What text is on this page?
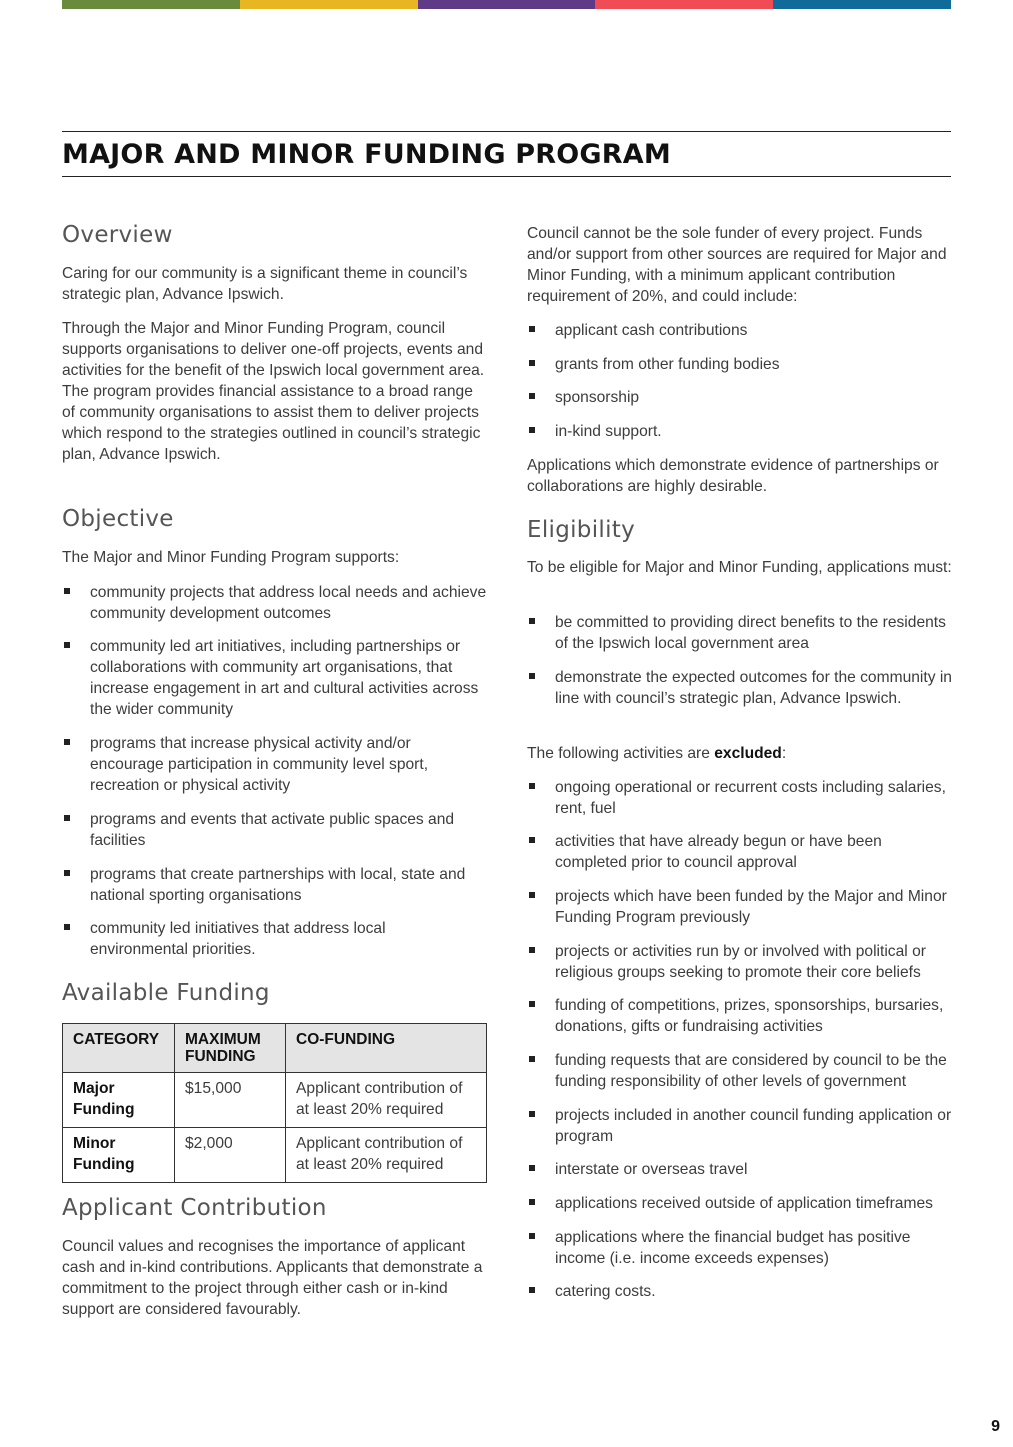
MAJOR AND MINOR FUNDING PROGRAM
Overview

Caring for our community is a significant theme in council’s strategic plan, Advance Ipswich.

Through the Major and Minor Funding Program, council supports organisations to deliver one-off projects, events and activities for the benefit of the Ipswich local government area. The program provides financial assistance to a broad range of community organisations to assist them to deliver projects which respond to the strategies outlined in council’s strategic plan, Advance Ipswich.

Objective

The Major and Minor Funding Program supports:

community projects that address local needs and achieve community development outcomes
community led art initiatives, including partnerships or collaborations with community art organisations, that increase engagement in art and cultural activities across the wider community
programs that increase physical activity and/or encourage participation in community level sport, recreation or physical activity
programs and events that activate public spaces and facilities
programs that create partnerships with local, state and national sporting organisations
community led initiatives that address local environmental priorities.
Available Funding
CATEGORY	MAXIMUM FUNDING	CO-FUNDING
Major Funding	$15,000	Applicant contribution of at least 20% required
Minor Funding	$2,000	Applicant contribution of at least 20% required
Applicant Contribution

Council values and recognises the importance of applicant cash and in-kind contributions. Applicants that demonstrate a commitment to the project through either cash or in-kind support are considered favourably.

Council cannot be the sole funder of every project. Funds and/or support from other sources are required for Major and Minor Funding, with a minimum applicant contribution requirement of 20%, and could include:

applicant cash contributions
grants from other funding bodies
sponsorship
in-kind support.

Applications which demonstrate evidence of partnerships or collaborations are highly desirable.

Eligibility

To be eligible for Major and Minor Funding, applications must:

be committed to providing direct benefits to the residents of the Ipswich local government area
demonstrate the expected outcomes for the community in line with council’s strategic plan, Advance Ipswich.

The following activities are excluded:

ongoing operational or recurrent costs including salaries, rent, fuel
activities that have already begun or have been completed prior to council approval
projects which have been funded by the Major and Minor Funding Program previously
projects or activities run by or involved with political or religious groups seeking to promote their core beliefs
funding of competitions, prizes, sponsorships, bursaries, donations, gifts or fundraising activities
funding requests that are considered by council to be the funding responsibility of other levels of government
projects included in another council funding application or program
interstate or overseas travel
applications received outside of application timeframes
applications where the financial budget has positive income (i.e. income exceeds expenses)
catering costs.
9
